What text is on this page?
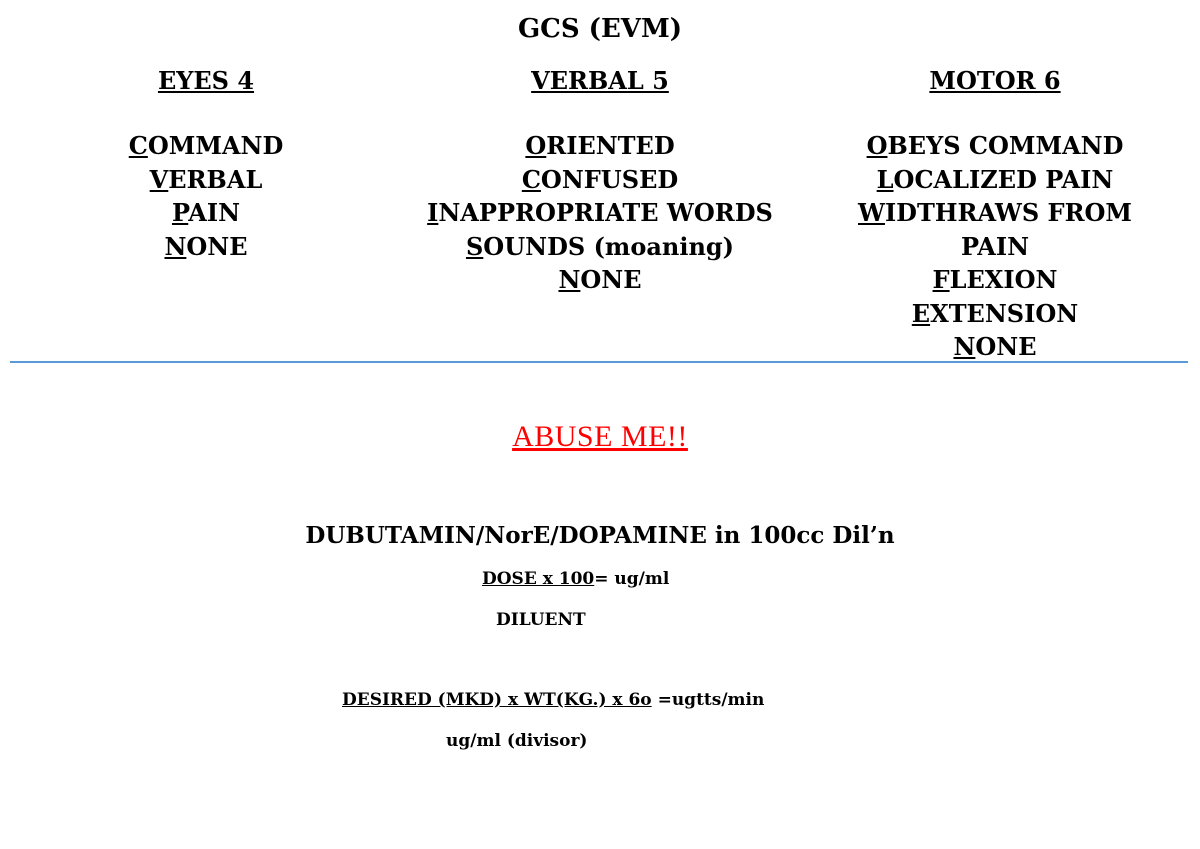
GCS (EVM)
EYES 4
COMMAND
VERBAL
PAIN
NONE
VERBAL 5
ORIENTED
CONFUSED
INAPPROPRIATE WORDS
SOUNDS (moaning)
NONE
MOTOR 6
OBEYS COMMAND
LOCALIZED PAIN
WIDTHRAWS FROM
PAIN
FLEXION
EXTENSION
NONE
ABUSE ME!!
DUBUTAMIN/NorE/DOPAMINE in 100cc Dil’n
DOSE x 100= ug/ml
DILUENT
DESIRED (MKD) x WT(KG.) x 6o =ugtts/min
ug/ml (divisor)
